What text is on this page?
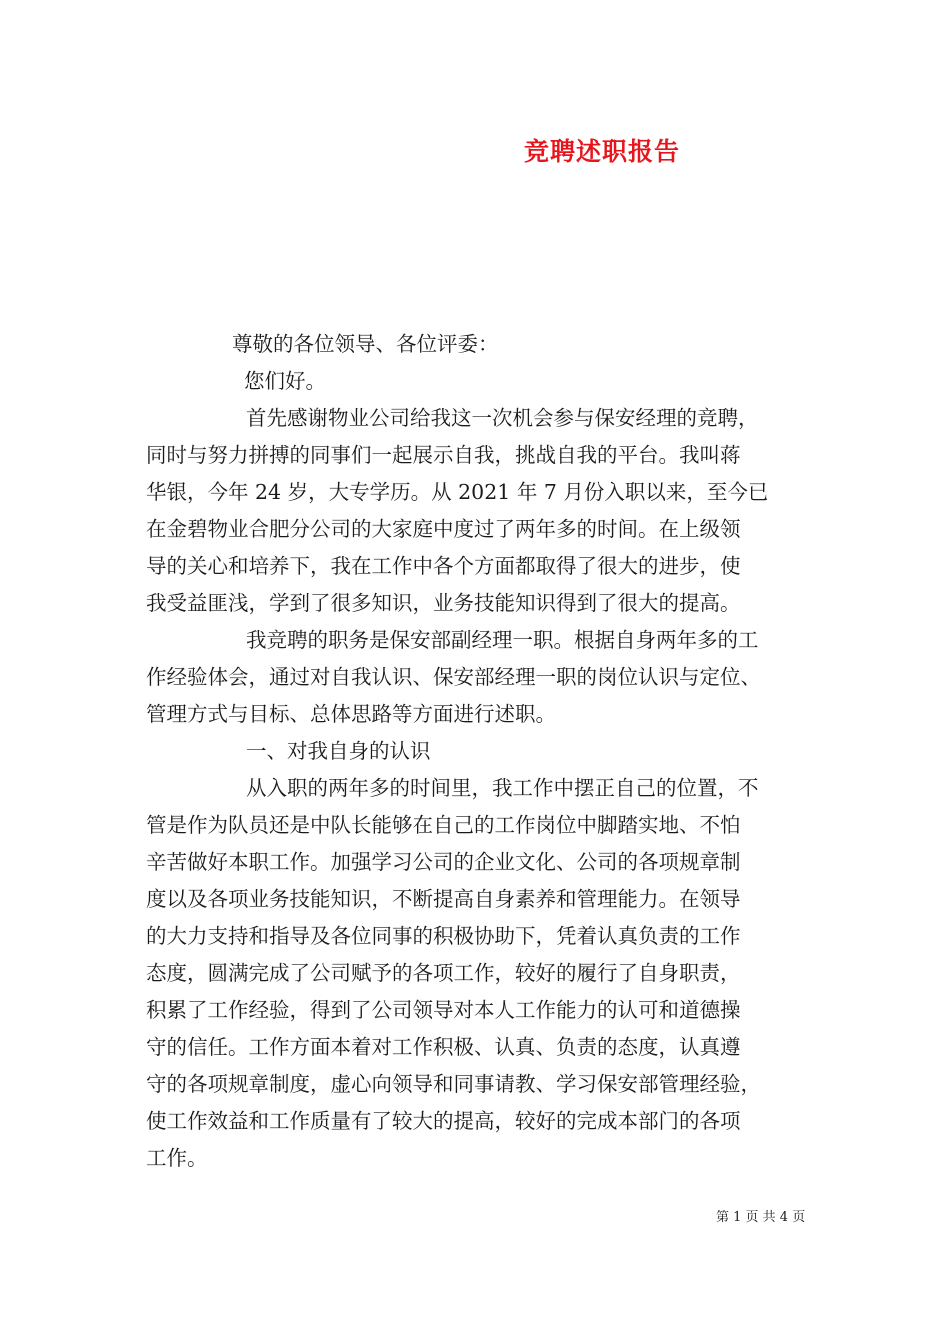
竞聘述职报告
尊敬的各位领导、各位评委：
您们好。
首先感谢物业公司给我这一次机会参与保安经理的竞聘，
同时与努力拼搏的同事们一起展示自我，挑战自我的平台。我叫蒋
华银，今年 24 岁，大专学历。从 2021 年 7 月份入职以来，至今已
在金碧物业合肥分公司的大家庭中度过了两年多的时间。在上级领
导的关心和培养下，我在工作中各个方面都取得了很大的进步，使
我受益匪浅，学到了很多知识，业务技能知识得到了很大的提高。
我竞聘的职务是保安部副经理一职。根据自身两年多的工
作经验体会，通过对自我认识、保安部经理一职的岗位认识与定位、
管理方式与目标、总体思路等方面进行述职。
一、对我自身的认识
从入职的两年多的时间里，我工作中摆正自己的位置，不
管是作为队员还是中队长能够在自己的工作岗位中脚踏实地、不怕
辛苦做好本职工作。加强学习公司的企业文化、公司的各项规章制
度以及各项业务技能知识，不断提高自身素养和管理能力。在领导
的大力支持和指导及各位同事的积极协助下，凭着认真负责的工作
态度，圆满完成了公司赋予的各项工作，较好的履行了自身职责，
积累了工作经验，得到了公司领导对本人工作能力的认可和道德操
守的信任。工作方面本着对工作积极、认真、负责的态度，认真遵
守的各项规章制度，虚心向领导和同事请教、学习保安部管理经验，
使工作效益和工作质量有了较大的提高，较好的完成本部门的各项
工作。
第 1 页 共 4 页
